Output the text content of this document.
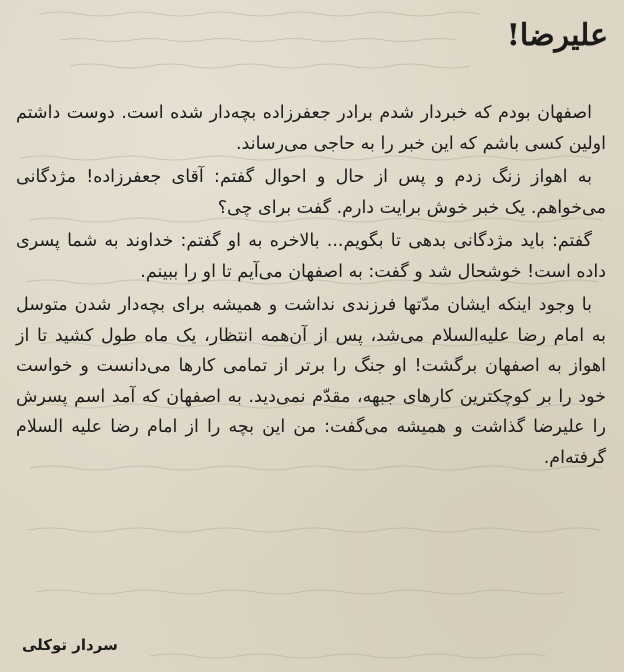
علیرضا!

اصفهان بودم که خبردار شدم برادر جعفرزاده بچه‌دار شده است. دوست داشتم اولین کسی باشم که این خبر را به حاجی می‌رساند.

به اهواز زنگ زدم و پس از حال و احوال گفتم: آقای جعفرزاده! مژدگانی می‌خواهم. یک خبر خوش برایت دارم. گفت برای چی؟

گفتم: باید مژدگانی بدهی تا بگویم... بالاخره به او گفتم: خداوند به شما پسری داده است! خوشحال شد و گفت: به اصفهان می‌آیم تا او را ببینم.

با وجود اینکه ایشان مدّتها فرزندی نداشت و همیشه برای بچه‌دار شدن متوسل به امام رضا علیه‌السلام می‌شد، پس از آن‌همه انتظار، یک ماه طول کشید تا از اهواز به اصفهان برگشت! او جنگ را برتر از تمامی کارها می‌دانست و خواست خود را بر کوچکترین کارهای جبهه، مقدّم نمی‌دید. به اصفهان که آمد اسم پسرش را علیرضا گذاشت و همیشه می‌گفت: من این بچه را از امام رضا علیه السلام گرفته‌ام.

سردار توکلی
